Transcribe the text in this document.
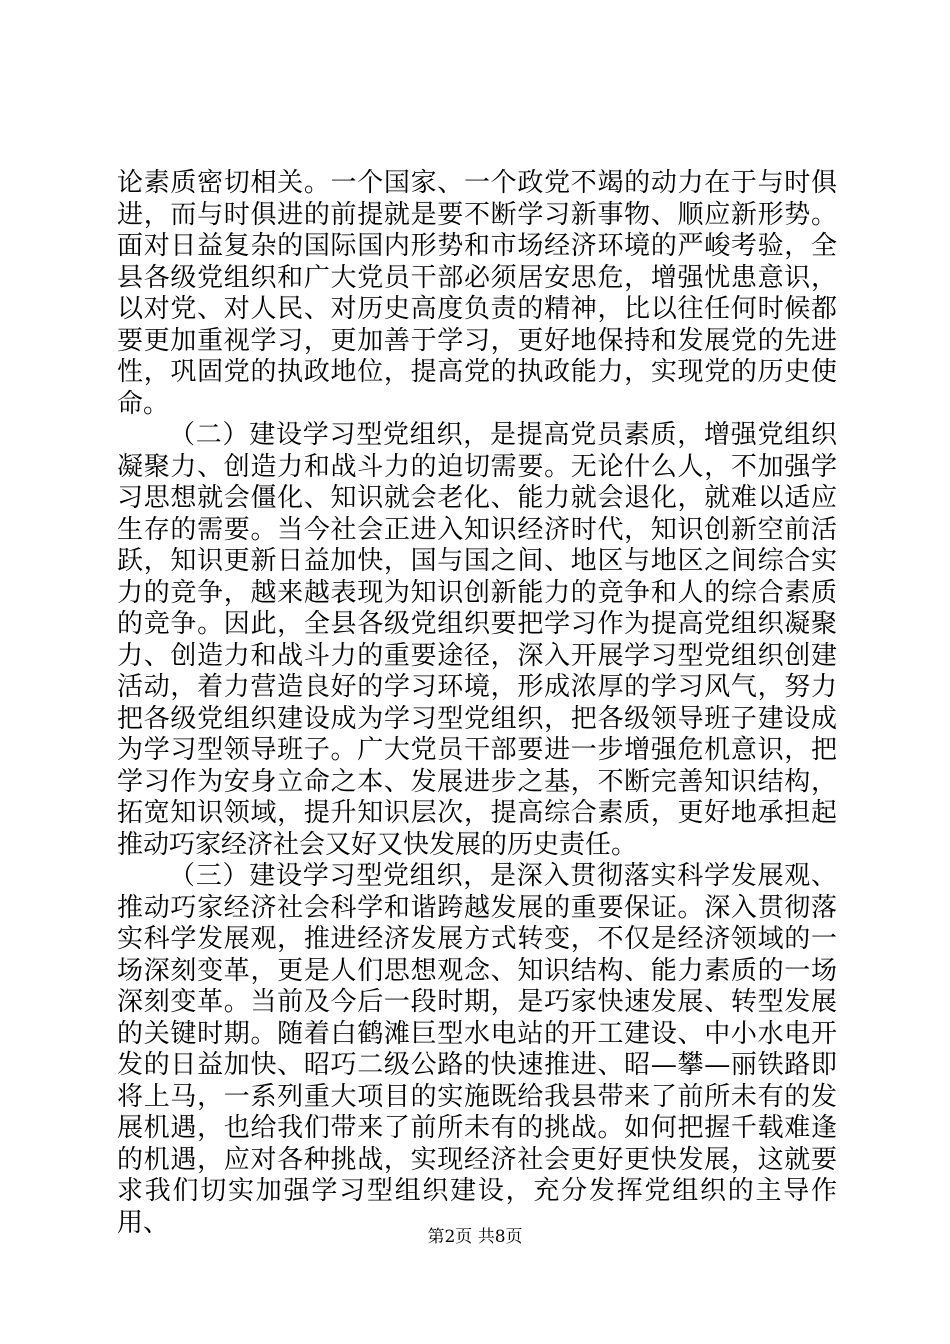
论素质密切相关。一个国家、一个政党不竭的动力在于与时俱进，而与时俱进的前提就是要不断学习新事物、顺应新形势。面对日益复杂的国际国内形势和市场经济环境的严峻考验，全县各级党组织和广大党员干部必须居安思危，增强忧患意识，以对党、对人民、对历史高度负责的精神，比以往任何时候都要更加重视学习，更加善于学习，更好地保持和发展党的先进性，巩固党的执政地位，提高党的执政能力，实现党的历史使命。

（二）建设学习型党组织，是提高党员素质，增强党组织凝聚力、创造力和战斗力的迫切需要。无论什么人，不加强学习思想就会僵化、知识就会老化、能力就会退化，就难以适应生存的需要。当今社会正进入知识经济时代，知识创新空前活跃，知识更新日益加快，国与国之间、地区与地区之间综合实力的竞争，越来越表现为知识创新能力的竞争和人的综合素质的竞争。因此，全县各级党组织要把学习作为提高党组织凝聚力、创造力和战斗力的重要途径，深入开展学习型党组织创建活动，着力营造良好的学习环境，形成浓厚的学习风气，努力把各级党组织建设成为学习型党组织，把各级领导班子建设成为学习型领导班子。广大党员干部要进一步增强危机意识，把学习作为安身立命之本、发展进步之基，不断完善知识结构，拓宽知识领域，提升知识层次，提高综合素质，更好地承担起推动巧家经济社会又好又快发展的历史责任。

（三）建设学习型党组织，是深入贯彻落实科学发展观、推动巧家经济社会科学和谐跨越发展的重要保证。深入贯彻落实科学发展观，推进经济发展方式转变，不仅是经济领域的一场深刻变革，更是人们思想观念、知识结构、能力素质的一场深刻变革。当前及今后一段时期，是巧家快速发展、转型发展的关键时期。随着白鹤滩巨型水电站的开工建设、中小水电开发的日益加快、昭巧二级公路的快速推进、昭—攀—丽铁路即将上马，一系列重大项目的实施既给我县带来了前所未有的发展机遇，也给我们带来了前所未有的挑战。如何把握千载难逢的机遇，应对各种挑战，实现经济社会更好更快发展，这就要求我们切实加强学习型组织建设，充分发挥党组织的主导作用、	第2页 共8页
